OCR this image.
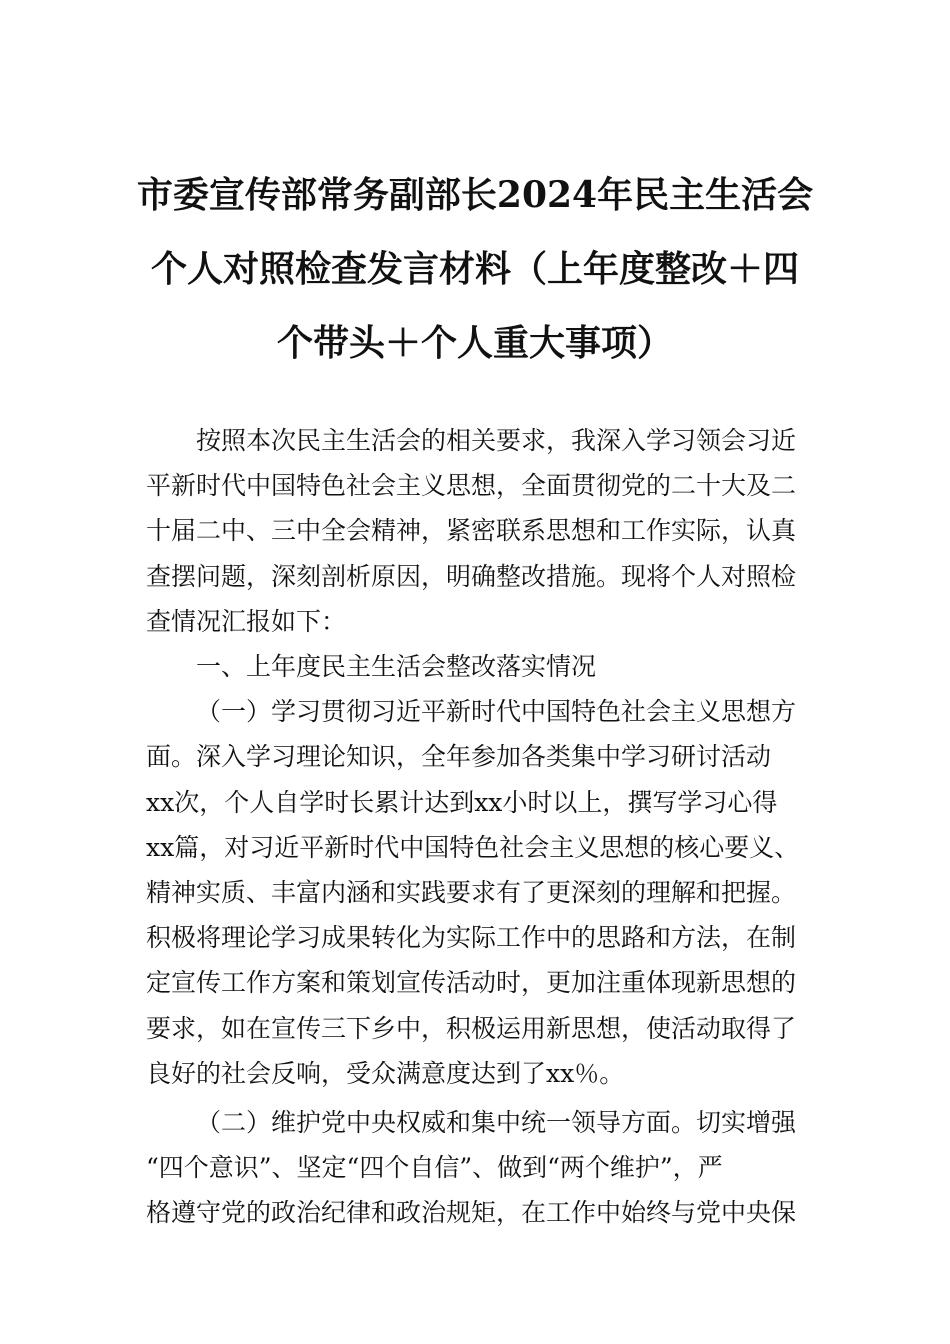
市委宣传部常务副部长2024年民主生活会
个人对照检查发言材料（上年度整改＋四
个带头＋个人重大事项）
按照本次民主生活会的相关要求，我深入学习领会习近
平新时代中国特色社会主义思想，全面贯彻党的二十大及二
十届二中、三中全会精神，紧密联系思想和工作实际，认真
查摆问题，深刻剖析原因，明确整改措施。现将个人对照检
查情况汇报如下：
一、上年度民主生活会整改落实情况
（一）学习贯彻习近平新时代中国特色社会主义思想方
面。深入学习理论知识，全年参加各类集中学习研讨活动
xx次，个人自学时长累计达到xx小时以上，撰写学习心得
xx篇，对习近平新时代中国特色社会主义思想的核心要义、
精神实质、丰富内涵和实践要求有了更深刻的理解和把握。
积极将理论学习成果转化为实际工作中的思路和方法，在制
定宣传工作方案和策划宣传活动时，更加注重体现新思想的
要求，如在宣传三下乡中，积极运用新思想，使活动取得了
良好的社会反响，受众满意度达到了xx％。
（二）维护党中央权威和集中统一领导方面。切实增强
“四个意识”、坚定“四个自信”、做到“两个维护”，严
格遵守党的政治纪律和政治规矩，在工作中始终与党中央保
